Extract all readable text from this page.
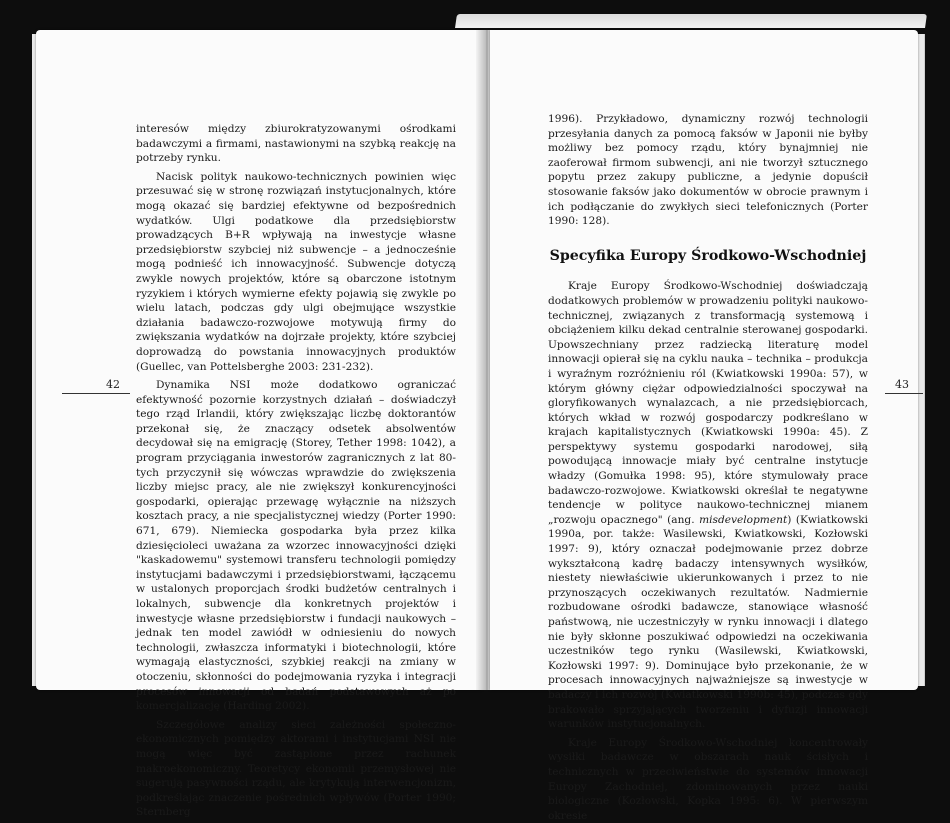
interesów między zbiurokratyzowanymi ośrodkami badawczymi a firmami, nastawionymi na szybką reakcję na potrzeby rynku.

Nacisk polityk naukowo-technicznych powinien więc przesuwać się w stronę rozwiązań instytucjonalnych, które mogą okazać się bardziej efektywne od bezpośrednich wydatków. Ulgi podatkowe dla przedsiębiorstw prowadzących B+R wpływają na inwestycje własne przedsiębiorstw szybciej niż subwencje – a jednocześnie mogą podnieść ich innowacyjność. Subwencje dotyczą zwykle nowych projektów, które są obarczone istotnym ryzykiem i których wymierne efekty pojawią się zwykle po wielu latach, podczas gdy ulgi obejmujące wszystkie działania badawczo-rozwojowe motywują firmy do zwiększania wydatków na dojrzałe projekty, które szybciej doprowadzą do powstania innowacyjnych produktów (Guellec, van Pottelsberghe 2003: 231-232).

Dynamika NSI może dodatkowo ograniczać efektywność pozornie korzystnych działań – doświadczył tego rząd Irlandii, który zwiększając liczbę doktorantów przekonał się, że znaczący odsetek absolwentów decydował się na emigrację (Storey, Tether 1998: 1042), a program przyciągania inwestorów zagranicznych z lat 80-tych przyczynił się wówczas wprawdzie do zwiększenia liczby miejsc pracy, ale nie zwiększył konkurencyjności gospodarki, opierając przewagę wyłącznie na niższych kosztach pracy, a nie specjalistycznej wiedzy (Porter 1990: 671, 679). Niemiecka gospodarka była przez kilka dziesięcioleci uważana za wzorzec innowacyjności dzięki "kaskadowemu" systemowi transferu technologii pomiędzy instytucjami badawczymi i przedsiębiorstwami, łączącemu w ustalonych proporcjach środki budżetów centralnych i lokalnych, subwencje dla konkretnych projektów i inwestycje własne przedsiębiorstw i fundacji naukowych – jednak ten model zawiódł w odniesieniu do nowych technologii, zwłaszcza informatyki i biotechnologii, które wymagają elastyczności, szybkiej reakcji na zmiany w otoczeniu, skłonności do podejmowania ryzyka i integracji procesów innowacji od badań podstawowych aż po komercjalizację (Harding 2002).

Szczegółowe analizy sieci zależności społeczno-ekonomicznych pomiędzy aktorami i instytucjami NSI nie mogą więc być zastąpione przez rachunek makroekonomiczny. Teoretycy ekonomii przemysłowej nie sugerują pasywności rządu, ale krytykują interwencjonizm, podkreślając znaczenie pośrednich wpływów (Porter 1990; Sternberg

42

1996). Przykładowo, dynamiczny rozwój technologii przesyłania danych za pomocą faksów w Japonii nie byłby możliwy bez pomocy rządu, który bynajmniej nie zaoferował firmom subwencji, ani nie tworzył sztucznego popytu przez zakupy publiczne, a jedynie dopuścił stosowanie faksów jako dokumentów w obrocie prawnym i ich podłączanie do zwykłych sieci telefonicznych (Porter 1990: 128).

Specyfika Europy Środkowo-Wschodniej

Kraje Europy Środkowo-Wschodniej doświadczają dodatkowych problemów w prowadzeniu polityki naukowo-technicznej, związanych z transformacją systemową i obciążeniem kilku dekad centralnie sterowanej gospodarki. Upowszechniany przez radziecką literaturę model innowacji opierał się na cyklu nauka – technika – produkcja i wyraźnym rozróżnieniu ról (Kwiatkowski 1990a: 57), w którym główny ciężar odpowiedzialności spoczywał na gloryfikowanych wynalazcach, a nie przedsiębiorcach, których wkład w rozwój gospodarczy podkreślano w krajach kapitalistycznych (Kwiatkowski 1990a: 45). Z perspektywy systemu gospodarki narodowej, siłą powodującą innowacje miały być centralne instytucje władzy (Gomułka 1998: 95), które stymulowały prace badawczo-rozwojowe. Kwiatkowski określał te negatywne tendencje w polityce naukowo-technicznej mianem „rozwoju opacznego" (ang. misdevelopment) (Kwiatkowski 1990a, por. także: Wasilewski, Kwiatkowski, Kozłowski 1997: 9), który oznaczał podejmowanie przez dobrze wykształconą kadrę badaczy intensywnych wysiłków, niestety niewłaściwie ukierunkowanych i przez to nie przynoszących oczekiwanych rezultatów. Nadmiernie rozbudowane ośrodki badawcze, stanowiące własność państwową, nie uczestniczyły w rynku innowacji i dlatego nie były skłonne poszukiwać odpowiedzi na oczekiwania uczestników tego rynku (Wasilewski, Kwiatkowski, Kozłowski 1997: 9). Dominujące było przekonanie, że w procesach innowacyjnych najważniejsze są inwestycje w badaczy i ich rozwój (Kwiatkowski 1990b: 45), podczas gdy brakowało sprzyjających tworzeniu i dyfuzji innowacji warunków instytucjonalnych.

Kraje Europy Środkowo-Wschodniej koncentrowały wysiłki badawcze w obszarach nauk ścisłych i technicznych w przeciwieństwie do systemów innowacji Europy Zachodniej, zdominowanych przez nauki biologiczne (Kozłowski, Kopka 1995: 6). W pierwszym okresie

43
